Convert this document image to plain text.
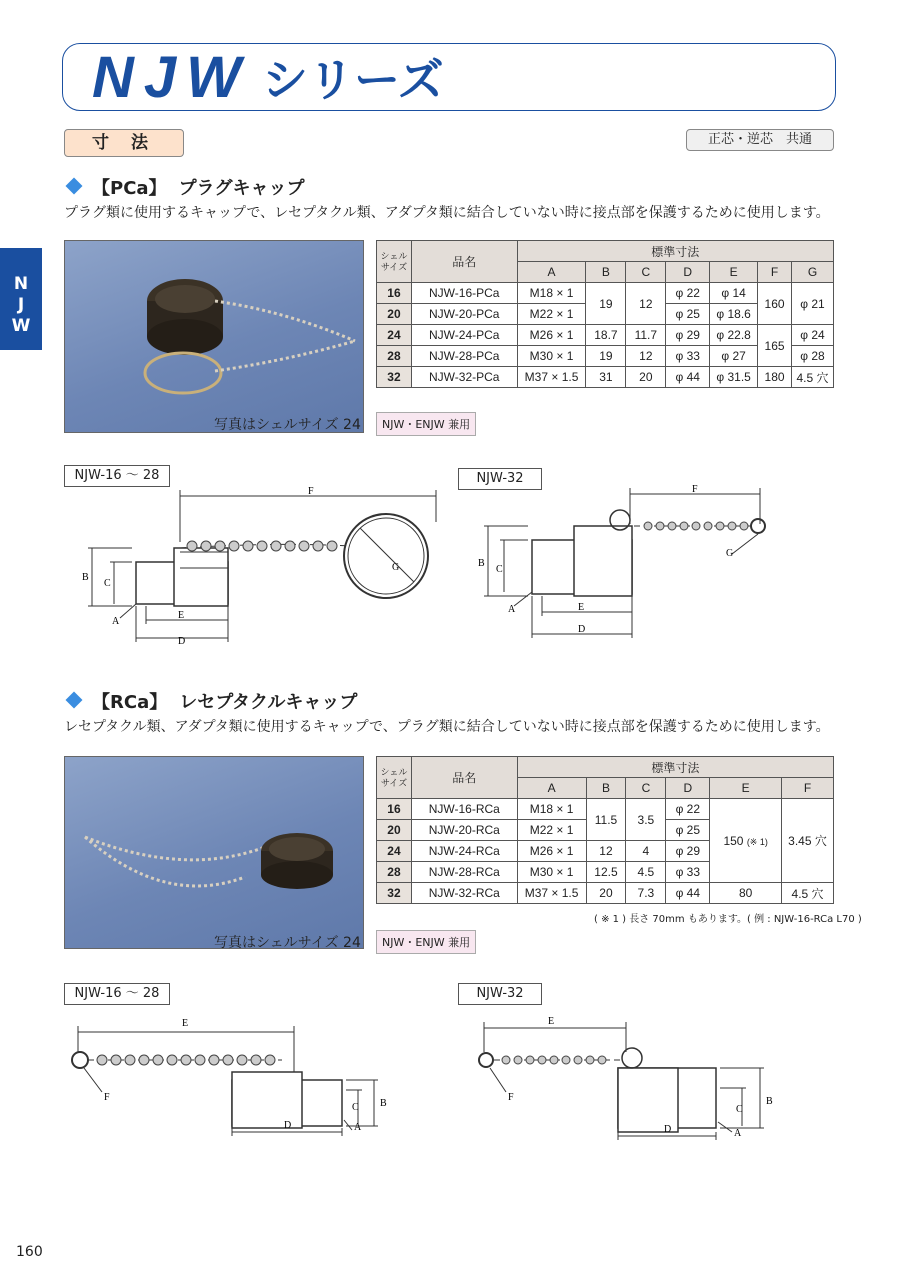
NJW シリーズ
寸 法	正芯・逆芯　共通
N
J
W
【PCa】 プラグキャップ
プラグ類に使用するキャップで、レセプタクル類、アダプタ類に結合していない時に接点部を保護するために使用します。
写真はシェルサイズ 24
シェルサイズ	品名	標準寸法						
		A	B	C	D	E	F	G
16	NJW-16-PCa	M18 × 1	19	12	φ 22	φ 14	160	φ 21
20	NJW-20-PCa	M22 × 1			φ 25	φ 18.6		
24	NJW-24-PCa	M26 × 1	18.7	11.7	φ 29	φ 22.8	165	φ 24
28	NJW-28-PCa	M30 × 1	19	12	φ 33	φ 27		φ 28
32	NJW-32-PCa	M37 × 1.5	31	20	φ 44	φ 31.5	180	4.5 穴
NJW・ENJW 兼用
NJW-16 ～ 28	NJW-32
F
B
C
A
E
D
G
F
B
C
A	E
D
G
【RCa】 レセプタクルキャップ
レセプタクル類、アダプタ類に使用するキャップで、プラグ類に結合していない時に接点部を保護するために使用します。
写真はシェルサイズ 24
シェルサイズ	品名	標準寸法					
		A	B	C	D	E	F
16	NJW-16-RCa	M18 × 1	11.5	3.5	φ 22	150 (※ 1)	3.45 穴
20	NJW-20-RCa	M22 × 1			φ 25		
24	NJW-24-RCa	M26 × 1	12	4	φ 29		
28	NJW-28-RCa	M30 × 1	12.5	4.5	φ 33		
32	NJW-32-RCa	M37 × 1.5	20	7.3	φ 44	80	4.5 穴
( ※ 1 ) 長さ 70mm もあります。( 例 : NJW-16-RCa L70 )
NJW・ENJW 兼用
NJW-16 ～ 28	NJW-32
E
F
C B
D	A
E
F
C
B
D	A
160
